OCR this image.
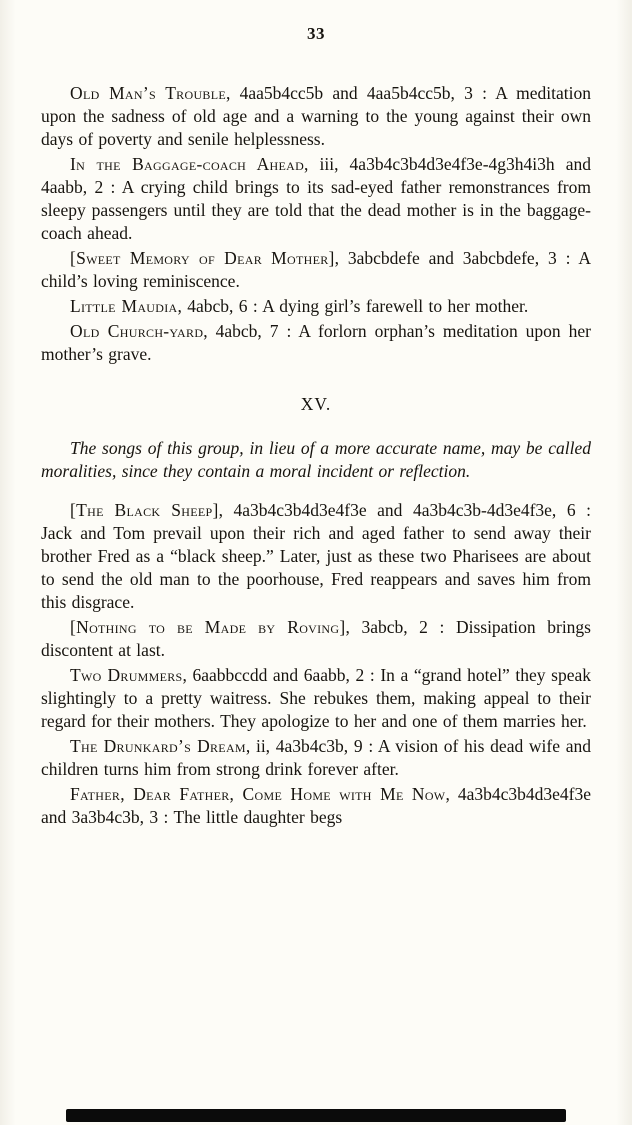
33

Old Man’s Trouble, 4aa5b4cc5b and 4aa5b4cc5b, 3 : A meditation upon the sadness of old age and a warning to the young against their own days of poverty and senile helplessness.

In the Baggage-coach Ahead, iii, 4a3b4c3b4d3e4f3e-4g3h4i3h and 4aabb, 2 : A crying child brings to its sad-eyed father remonstrances from sleepy passengers until they are told that the dead mother is in the baggage-coach ahead.

[Sweet Memory of Dear Mother], 3abcbdefe and 3abcbdefe, 3 : A child’s loving reminiscence.

Little Maudia, 4abcb, 6 : A dying girl’s farewell to her mother.

Old Church-yard, 4abcb, 7 : A forlorn orphan’s meditation upon her mother’s grave.

XV.

The songs of this group, in lieu of a more accurate name, may be called moralities, since they contain a moral incident or reflection.

[The Black Sheep], 4a3b4c3b4d3e4f3e and 4a3b4c3b-4d3e4f3e, 6 : Jack and Tom prevail upon their rich and aged father to send away their brother Fred as a “black sheep.” Later, just as these two Pharisees are about to send the old man to the poorhouse, Fred reappears and saves him from this disgrace.

[Nothing to be Made by Roving], 3abcb, 2 : Dissipation brings discontent at last.

Two Drummers, 6aabbccdd and 6aabb, 2 : In a “grand hotel” they speak slightingly to a pretty waitress. She rebukes them, making appeal to their regard for their mothers. They apologize to her and one of them marries her.

The Drunkard’s Dream, ii, 4a3b4c3b, 9 : A vision of his dead wife and children turns him from strong drink forever after.

Father, Dear Father, Come Home with Me Now, 4a3b4c3b4d3e4f3e and 3a3b4c3b, 3 : The little daughter begs
